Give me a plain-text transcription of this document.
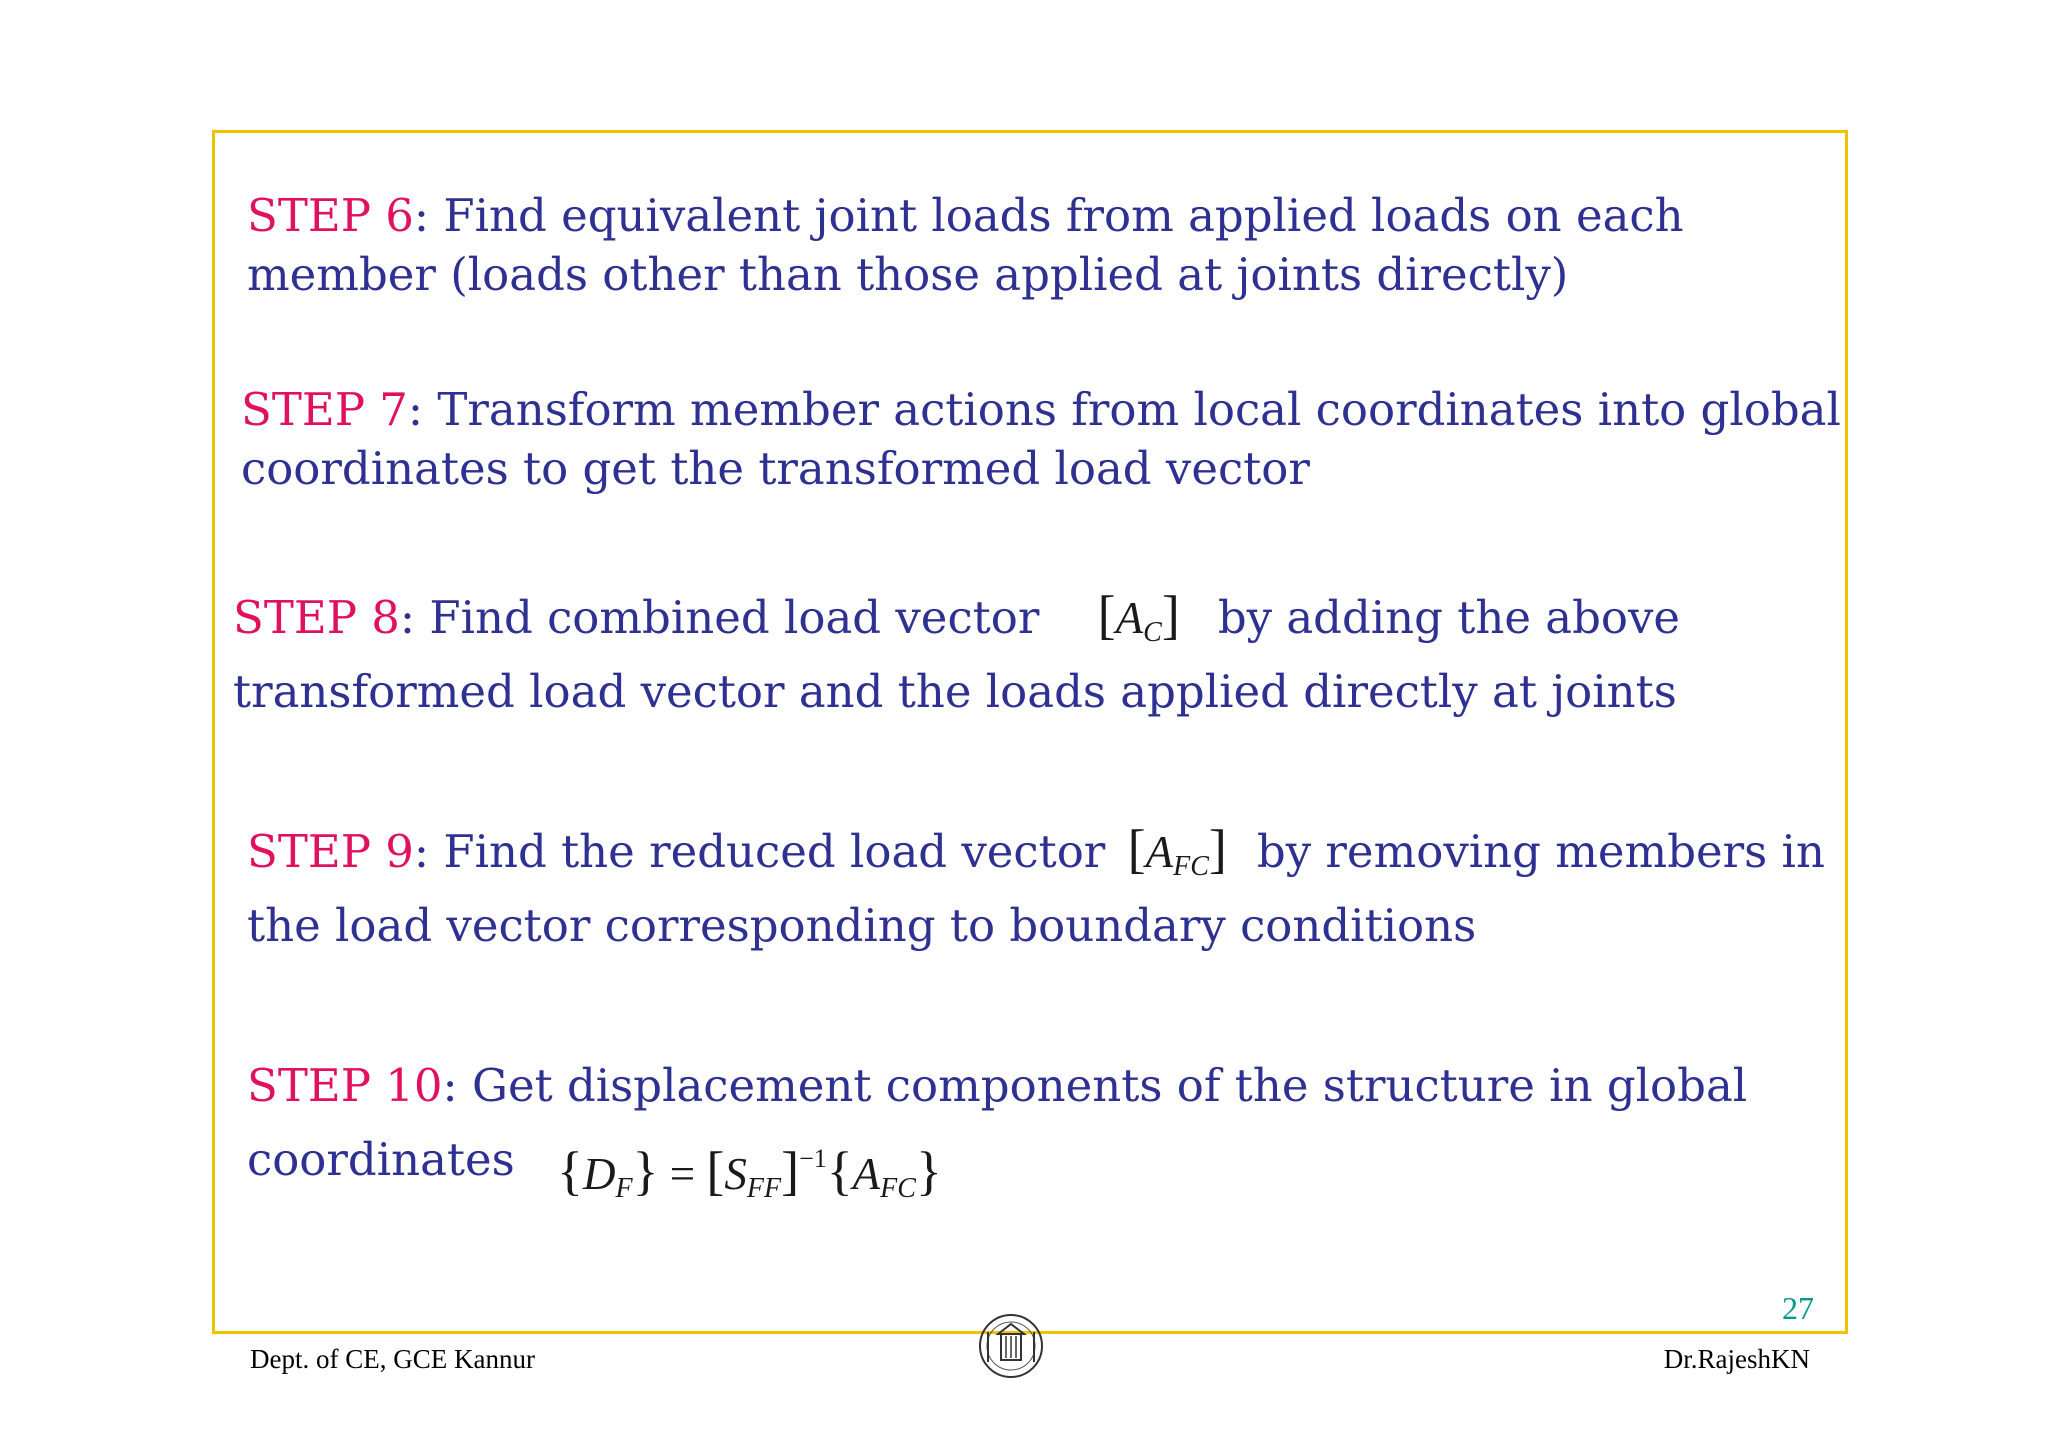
STEP 6: Find equivalent joint loads from applied loads on each
member (loads other than those applied at joints directly)
STEP 7: Transform member actions from local coordinates into global
coordinates to get the transformed load vector
STEP 8: Find combined load vector $[A_C]$ by adding the above
transformed load vector and the loads applied directly at joints
STEP 9: Find the reduced load vector $[A_{FC}]$ by removing members in
the load vector corresponding to boundary conditions
STEP 10: Get displacement components of the structure in global
coordinates $\{D_F\} = [S_{FF}]^{-1}\{A_{FC}\}$
27
Dept. of CE, GCE Kannur	Dr.RajeshKN
